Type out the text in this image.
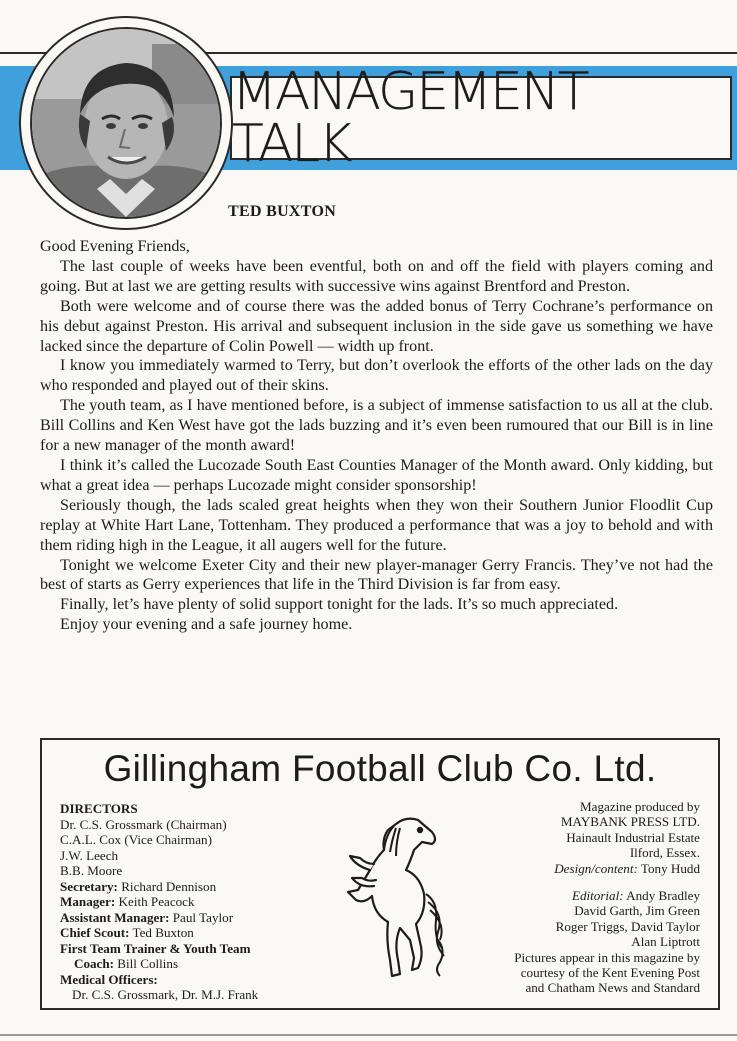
MANAGEMENT TALK
TED BUXTON

Good Evening Friends,

The last couple of weeks have been eventful, both on and off the field with players coming and going. But at last we are getting results with successive wins against Brentford and Preston.

Both were welcome and of course there was the added bonus of Terry Cochrane’s performance on his debut against Preston. His arrival and subsequent inclusion in the side gave us something we have lacked since the departure of Colin Powell — width up front.

I know you immediately warmed to Terry, but don’t overlook the efforts of the other lads on the day who responded and played out of their skins.

The youth team, as I have mentioned before, is a subject of immense satisfaction to us all at the club. Bill Collins and Ken West have got the lads buzzing and it’s even been rumoured that our Bill is in line for a new manager of the month award!

I think it’s called the Lucozade South East Counties Manager of the Month award. Only kidding, but what a great idea — perhaps Lucozade might consider sponsorship!

Seriously though, the lads scaled great heights when they won their Southern Junior Floodlit Cup replay at White Hart Lane, Tottenham. They produced a performance that was a joy to behold and with them riding high in the League, it all augers well for the future.

Tonight we welcome Exeter City and their new player-manager Gerry Francis. They’ve not had the best of starts as Gerry experiences that life in the Third Division is far from easy.

Finally, let’s have plenty of solid support tonight for the lads. It’s so much appreciated.

Enjoy your evening and a safe journey home.

Gillingham Football Club Co. Ltd.
DIRECTORS
Dr. C.S. Grossmark (Chairman)
C.A.L. Cox (Vice Chairman)
J.W. Leech
B.B. Moore
Secretary: Richard Dennison
Manager: Keith Peacock
Assistant Manager: Paul Taylor
Chief Scout: Ted Buxton
First Team Trainer & Youth Team
Coach: Bill Collins
Medical Officers:
Dr. C.S. Grossmark, Dr. M.J. Frank
Magazine produced by
MAYBANK PRESS LTD.
Hainault Industrial Estate
Ilford, Essex.
Design/content: Tony Hudd
Editorial: Andy Bradley
David Garth, Jim Green
Roger Triggs, David Taylor
Alan Liptrott
Pictures appear in this magazine by
courtesy of the Kent Evening Post
and Chatham News and Standard
